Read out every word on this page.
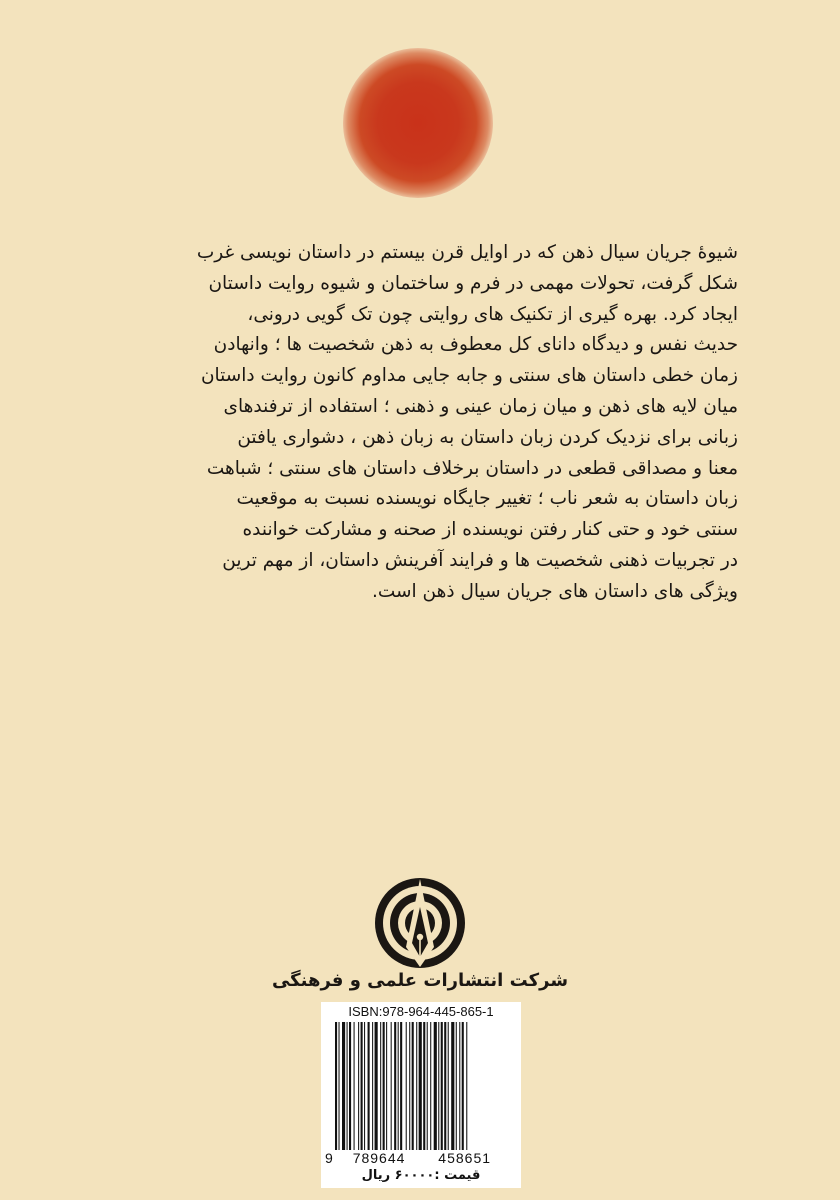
شیوۀ جریان سیال ذهن که در اوایل قرن بیستم در داستان نویسی غرب
شکل گرفت، تحولات مهمی در فرم و ساختمان و شیوه روایت داستان
ایجاد کرد. بهره گیری از تکنیک های روایتی چون تک گویی درونی،
حدیث نفس و دیدگاه دانای کل معطوف به ذهن شخصیت ها ؛ وانهادن
زمان خطی داستان های سنتی و جابه جایی مداوم کانون روایت داستان
میان لایه های ذهن و میان زمان عینی و ذهنی ؛ استفاده از ترفندهای
زبانی برای نزدیک کردن زبان داستان به زبان ذهن ، دشواری یافتن
معنا و مصداقی قطعی در داستان برخلاف داستان های سنتی ؛ شباهت
زبان داستان به شعر ناب ؛ تغییر جایگاه نویسنده نسبت به موقعیت
سنتی خود و حتی کنار رفتن نویسنده از صحنه و مشارکت خواننده
در تجربیات ذهنی شخصیت ها و فرایند آفرینش داستان، از مهم ترین
ویژگی های داستان های جریان سیال ذهن است.
شرکت انتشارات علمی و فرهنگی
ISBN:978-964-445-865-1
9 789644 458651
قیمت :۶۰۰۰۰ ریال
